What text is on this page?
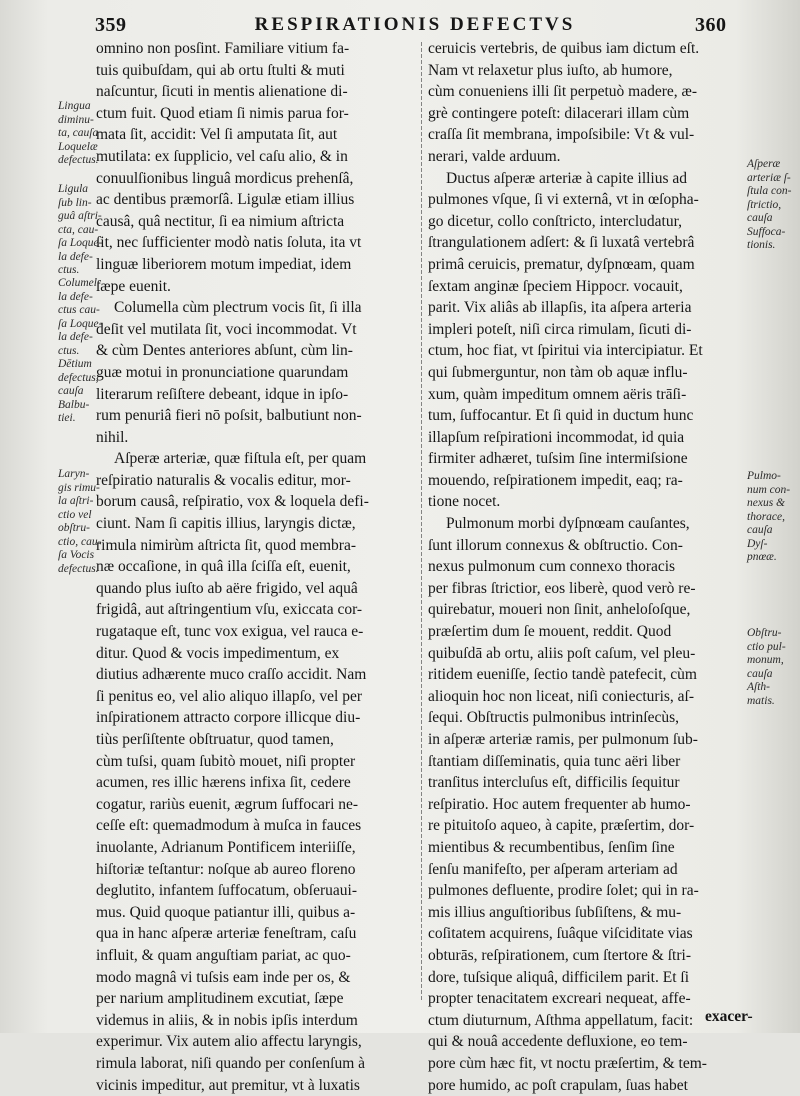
359	RESPIRATIONIS DEFECTVS	360
omnino non posſint. Familiare vitium fa-
tuis quibuſdam, qui ab ortu ſtulti & muti
naſcuntur, ſicuti in mentis alienatione di-
ctum fuit. Quod etiam ſi nimis parua for-
mata ſit, accidit: Vel ſi amputata ſit, aut
mutilata: ex ſupplicio, vel caſu alio, & in
conuulſionibus linguâ mordicus prehenſâ,
ac dentibus præmorſâ. Ligulæ etiam illius
causâ, quâ nectitur, ſi ea nimium aſtricta
ſit, nec ſufficienter modò natis ſoluta, ita vt
linguæ liberiorem motum impediat, idem
ſæpe euenit.
Columella cùm plectrum vocis ſit, ſi illa
deſit vel mutilata ſit, voci incommodat. Vt
& cùm Dentes anteriores abſunt, cùm lin-
guæ motui in pronunciatione quarundam
literarum reſiſtere debeant, idque in ipſo-
rum penuriâ fieri nō poſsit, balbutiunt non-
nihil.
Aſperæ arteriæ, quæ fiſtula eſt, per quam
reſpiratio naturalis & vocalis editur, mor-
borum causâ, reſpiratio, vox & loquela defi-
ciunt. Nam ſi capitis illius, laryngis dictæ,
rimula nimirùm aſtricta ſit, quod membra-
næ occaſione, in quâ illa ſciſſa eſt, euenit,
quando plus iuſto ab aëre frigido, vel aquâ
frigidâ, aut aſtringentium vſu, exiccata cor-
rugataque eſt, tunc vox exigua, vel rauca e-
ditur. Quod & vocis impedimentum, ex
diutius adhærente muco craſſo accidit. Nam
ſi penitus eo, vel alio aliquo illapſo, vel per
inſpirationem attracto corpore illicque diu-
tiùs perſiſtente obſtruatur, quod tamen,
cùm tuſsi, quam ſubitò mouet, niſi propter
acumen, res illic hærens infixa ſit, cedere
cogatur, rariùs euenit, ægrum ſuffocari ne-
ceſſe eſt: quemadmodum à muſca in fauces
inuolante, Adrianum Pontificem interiiſſe,
hiſtoriæ teſtantur: noſque ab aureo floreno
deglutito, infantem ſuffocatum, obſeruaui-
mus. Quid quoque patiantur illi, quibus a-
qua in hanc aſperæ arteriæ feneſtram, caſu
influit, & quam anguſtiam pariat, ac quo-
modo magnâ vi tuſsis eam inde per os, &
per narium amplitudinem excutiat, ſæpe
videmus in aliis, & in nobis ipſis interdum
experimur. Vix autem alio affectu laryngis,
rimula laborat, niſi quando per conſenſum à
vicinis impeditur, aut premitur, vt à luxatis
ceruicis vertebris, de quibus iam dictum eſt.
Nam vt relaxetur plus iuſto, ab humore,
cùm conueniens illi ſit perpetuò madere, æ-
grè contingere poteſt: dilacerari illam cùm
craſſa ſit membrana, impoſsibile: Vt & vul-
nerari, valde arduum.
Ductus aſperæ arteriæ à capite illius ad
pulmones vſque, ſi vi externâ, vt in œſopha-
go dicetur, collo conſtricto, intercludatur,
ſtrangulationem adſert: & ſi luxatâ vertebrâ
primâ ceruicis, prematur, dyſpnœam, quam
ſextam anginæ ſpeciem Hippocr. vocauit,
parit. Vix aliâs ab illapſis, ita aſpera arteria
impleri poteſt, niſi circa rimulam, ſicuti di-
ctum, hoc fiat, vt ſpiritui via intercipiatur. Et
qui ſubmerguntur, non tàm ob aquæ influ-
xum, quàm impeditum omnem aëris trāſi-
tum, ſuffocantur. Et ſi quid in ductum hunc
illapſum reſpirationi incommodat, id quia
firmiter adhæret, tuſsim ſine intermiſsione
mouendo, reſpirationem impedit, eaq; ra-
tione nocet.
Pulmonum morbi dyſpnœam cauſantes,
ſunt illorum connexus & obſtructio. Con-
nexus pulmonum cum connexo thoracis
per fibras ſtrictior, eos liberè, quod verò re-
quirebatur, moueri non ſinit, anheloſoſque,
præſertim dum ſe mouent, reddit. Quod
quibuſdā ab ortu, aliis poſt caſum, vel pleu-
ritidem eueniſſe, ſectio tandè patefecit, cùm
alioquin hoc non liceat, niſi coniecturis, aſ-
ſequi. Obſtructis pulmonibus intrinſecùs,
in aſperæ arteriæ ramis, per pulmonum ſub-
ſtantiam diſſeminatis, quia tunc aëri liber
tranſitus intercluſus eſt, difficilis ſequitur
reſpiratio. Hoc autem frequenter ab humo-
re pituitoſo aqueo, à capite, præſertim, dor-
mientibus & recumbentibus, ſenſim ſine
ſenſu manifeſto, per aſperam arteriam ad
pulmones defluente, prodire ſolet; qui in ra-
mis illius anguſtioribus ſubſiſtens, & mu-
coſitatem acquirens, ſuâque viſciditate vias
obturās, reſpirationem, cum ſtertore & ſtri-
dore, tuſsique aliquâ, difficilem parit. Et ſi
propter tenacitatem excreari nequeat, affe-
ctum diuturnum, Aſthma appellatum, facit:
qui & nouâ accedente defluxione, eo tem-
pore cùm hæc fit, vt noctu præſertim, & tem-
pore humido, ac poſt crapulam, ſuas habet
Lingua
diminu-
ta, cauſa
Loquelæ
defectus.
Ligula
ſub lin-
guâ aſtri-
cta, cau-
ſa Loque-
la defe-
ctus.
Columel-
la defe-
ctus cau-
ſa Loque-
la defe-
ctus.
Dētium
defectus,
cauſa
Balbu-
tiei.
Laryn-
gis rimu-
la aſtri-
ctio vel
obſtru-
ctio, cau-
ſa Vocis
defectus.
Aſperæ
arteriæ ſ-
ſtula con-
ſtrictio,
cauſa
Suffoca-
tionis.
Pulmo-
num con-
nexus &
thorace,
cauſa
Dyſ-
pnœæ.
Obſtru-
ctio pul-
monum,
cauſa
Aſth-
matis.
exacer-
